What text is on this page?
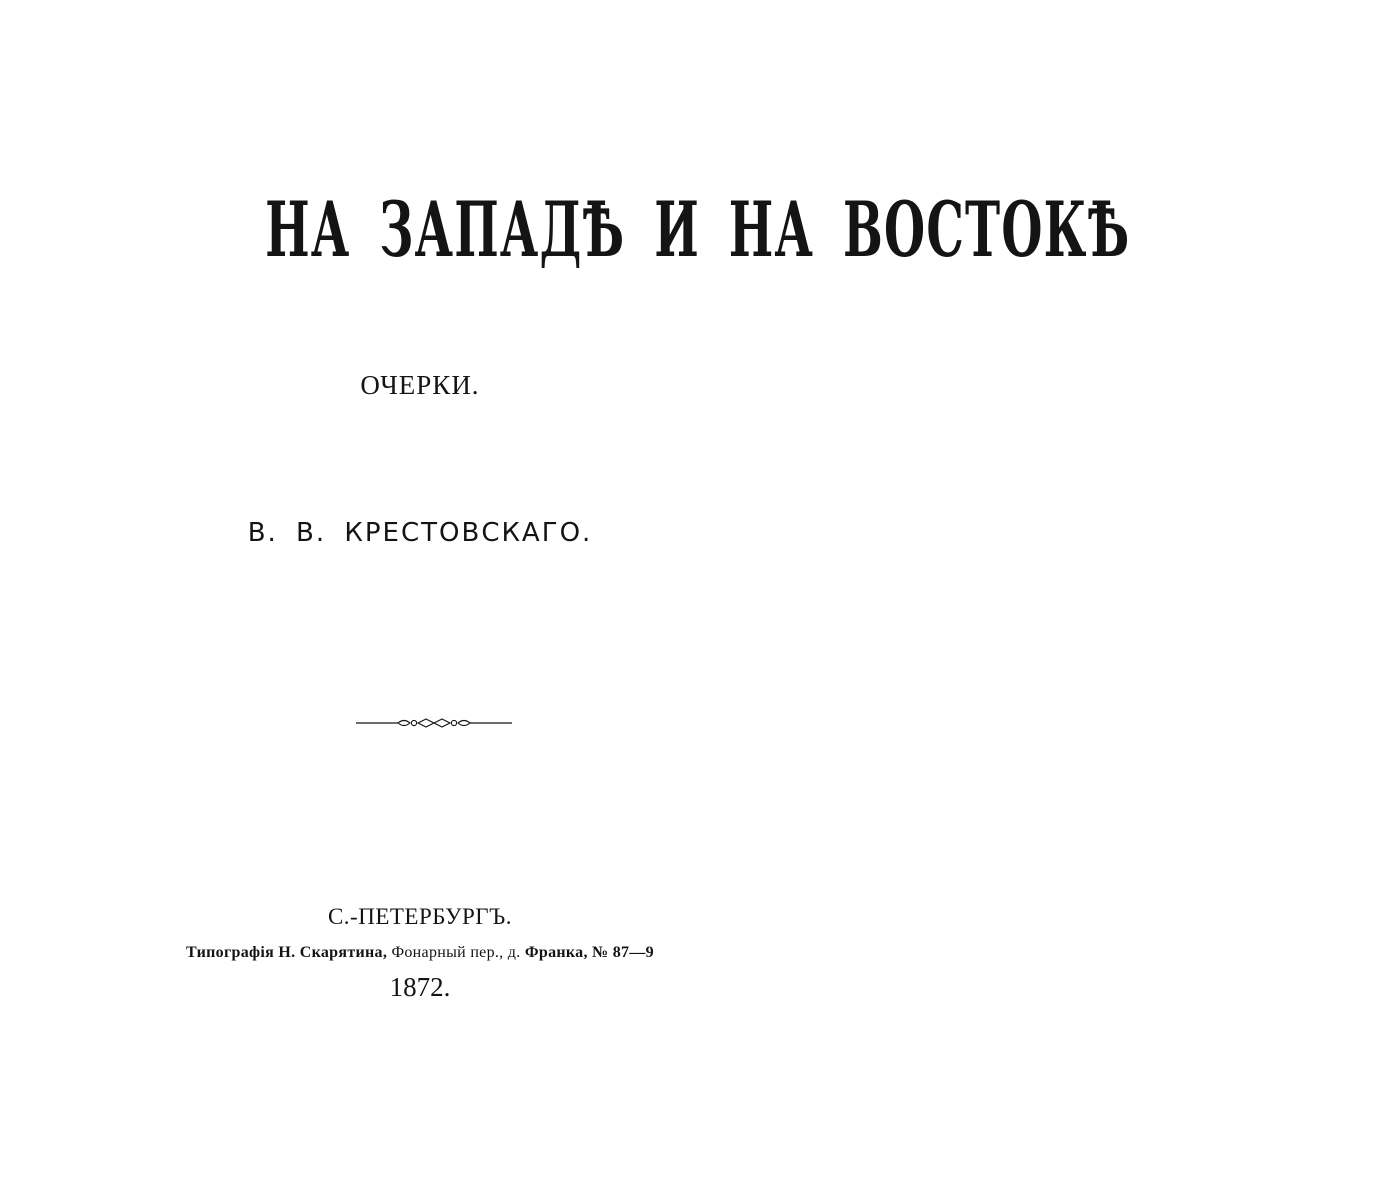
НА ЗАПАДѢ И НА ВОСТОКѢ
ОЧЕРКИ.
В. В. КРЕСТОВСКАГО.
С.-ПЕТЕРБУРГЪ.
Типографія Н. Скарятина, Фонарный пер., д. Франка, № 87—9
1872.
